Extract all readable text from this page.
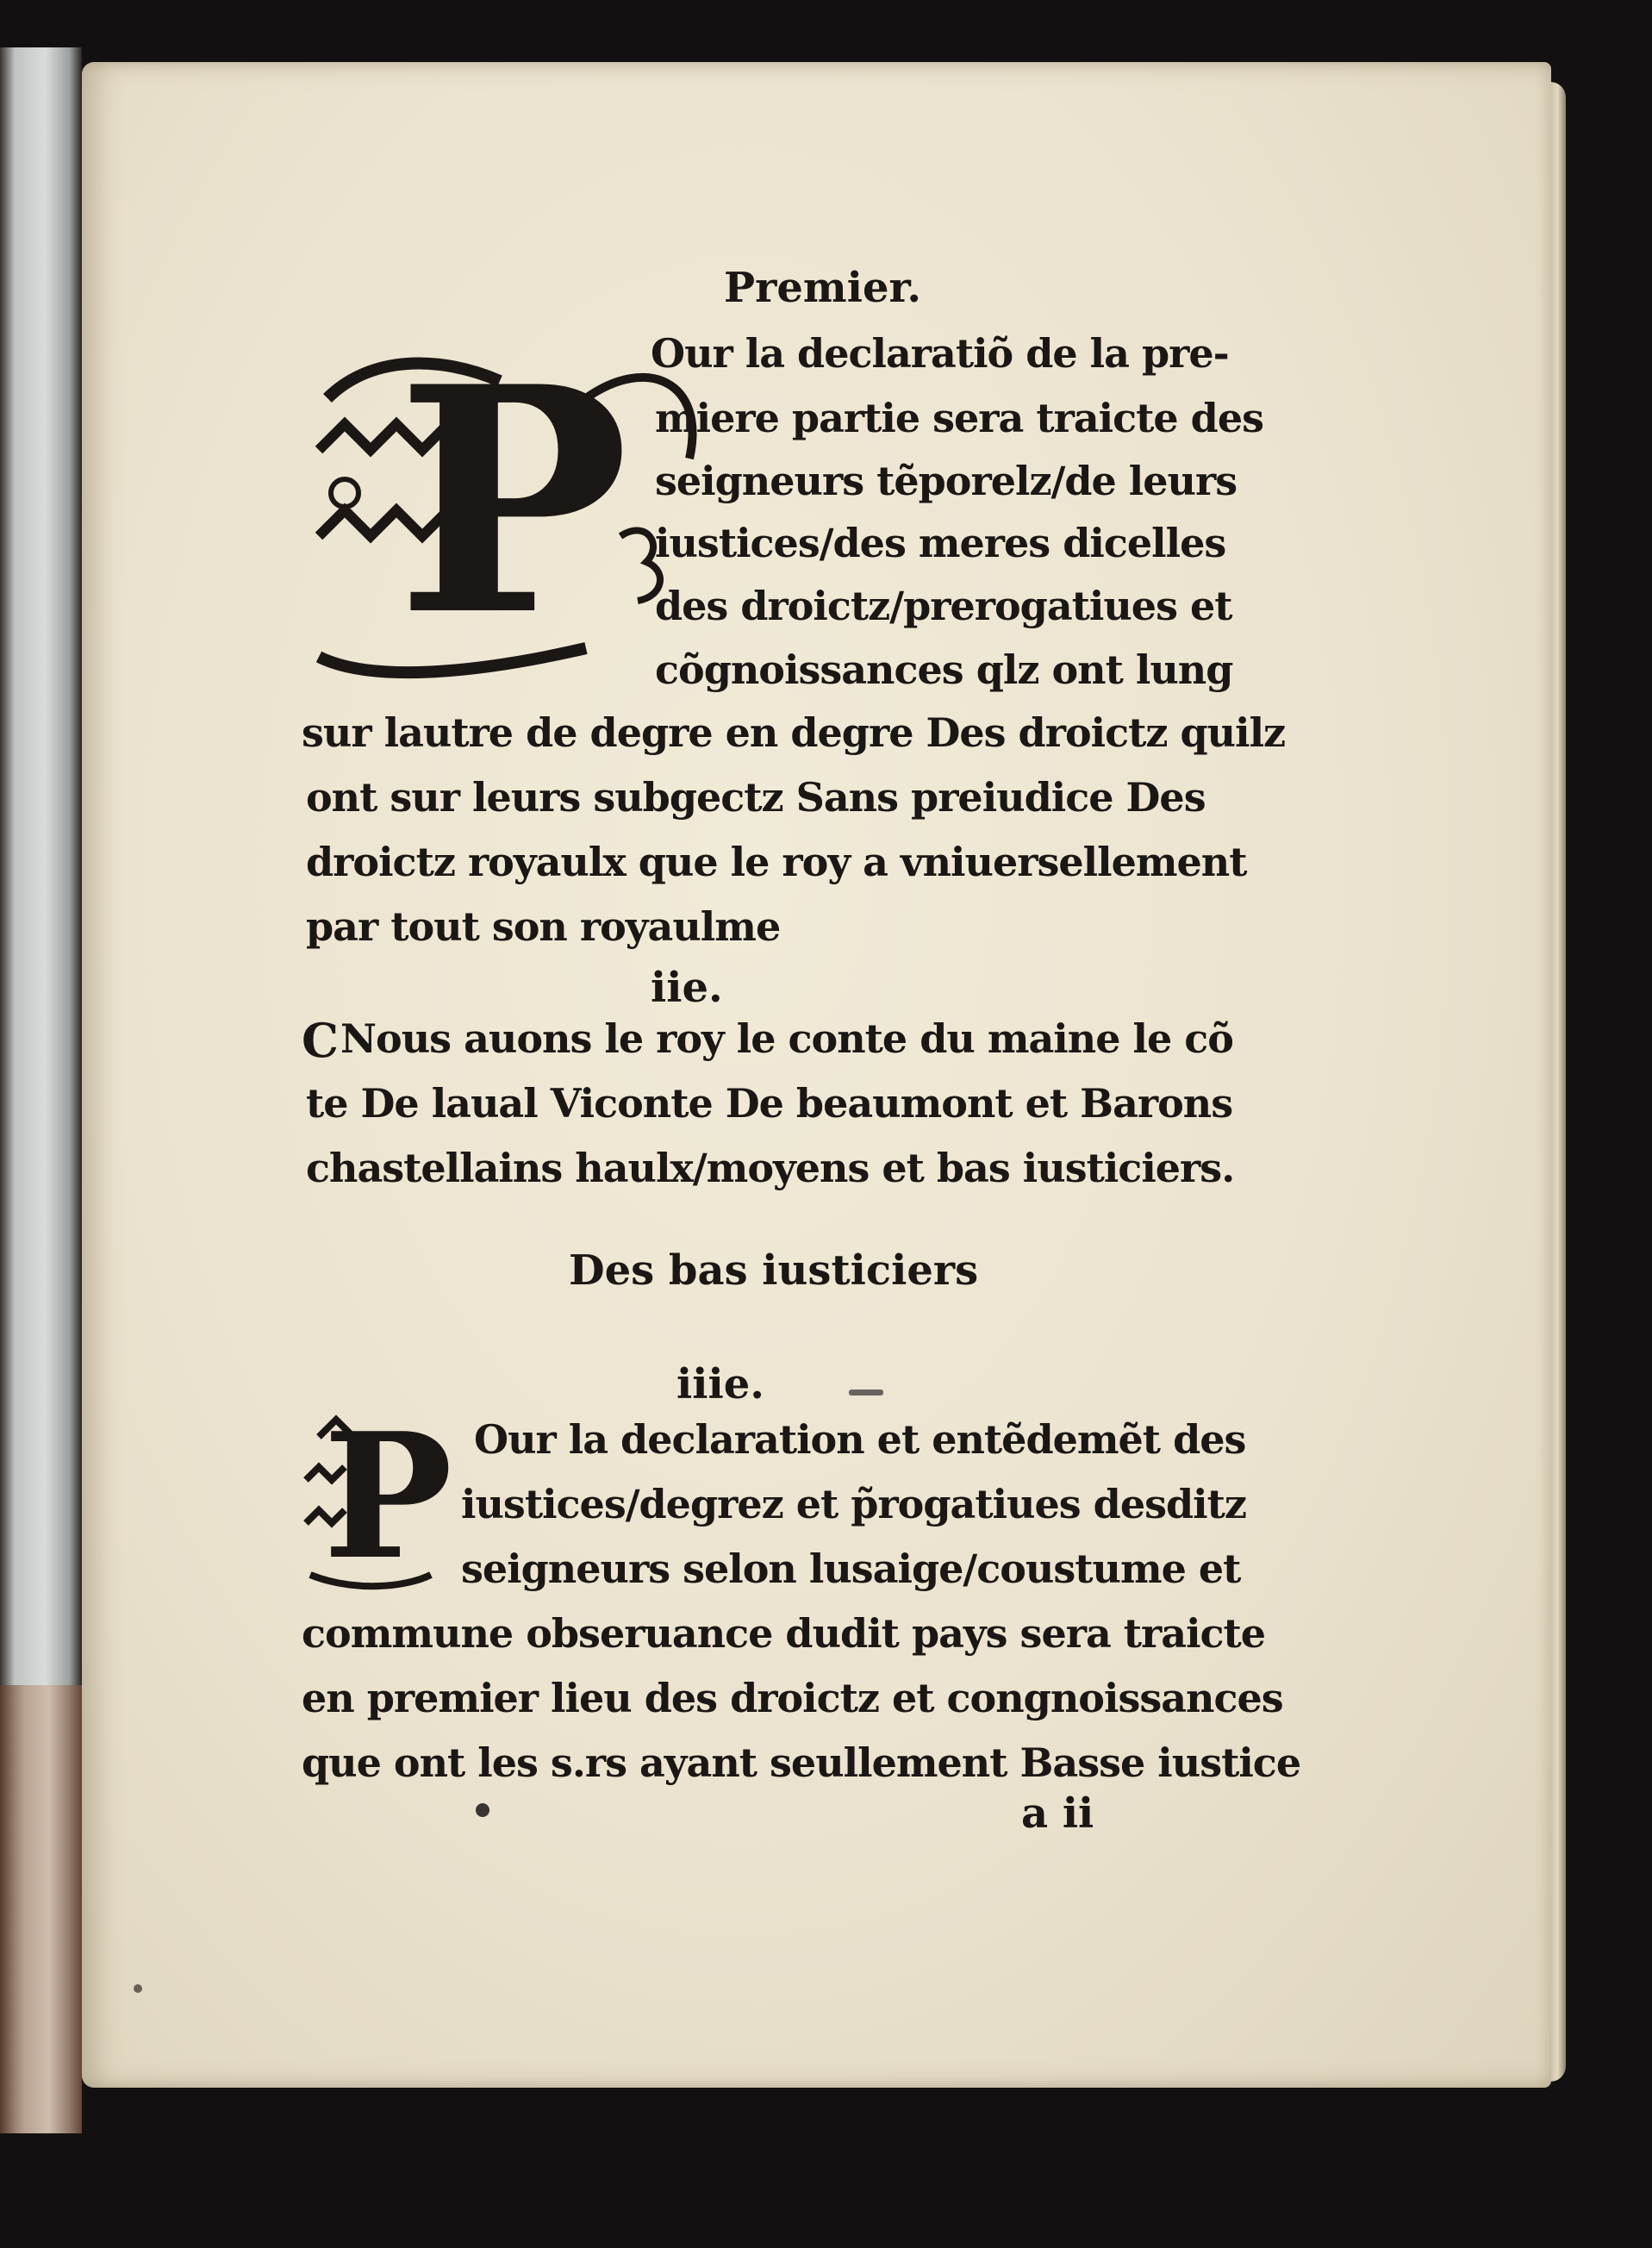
Premier.
P Our la declaratiõ de la pre-
miere partie sera traicte des
seigneurs tẽporelz/de leurs
iustices/des meres dicelles
des droictz/prerogatiues et
cõgnoissances qlz ont lung
sur lautre de degre en degre Des droictz quilz
ont sur leurs subgectz Sans preiudice Des
droictz royaulx que le roy a vniuersellement
par tout son royaulme
iie.
C Nous auons le roy le conte du maine le cõ
te De laual Viconte De beaumont et Barons
chastellains haulx/moyens et bas iusticiers.
Des bas iusticiers
iiie.
P Our la declaration et entẽdemẽt des
iustices/degrez et p̃rogatiues desditz
seigneurs selon lusaige/coustume et
commune obseruance dudit pays sera traicte
en premier lieu des droictz et congnoissances
que ont les s.rs ayant seullement Basse iustice
a ii
